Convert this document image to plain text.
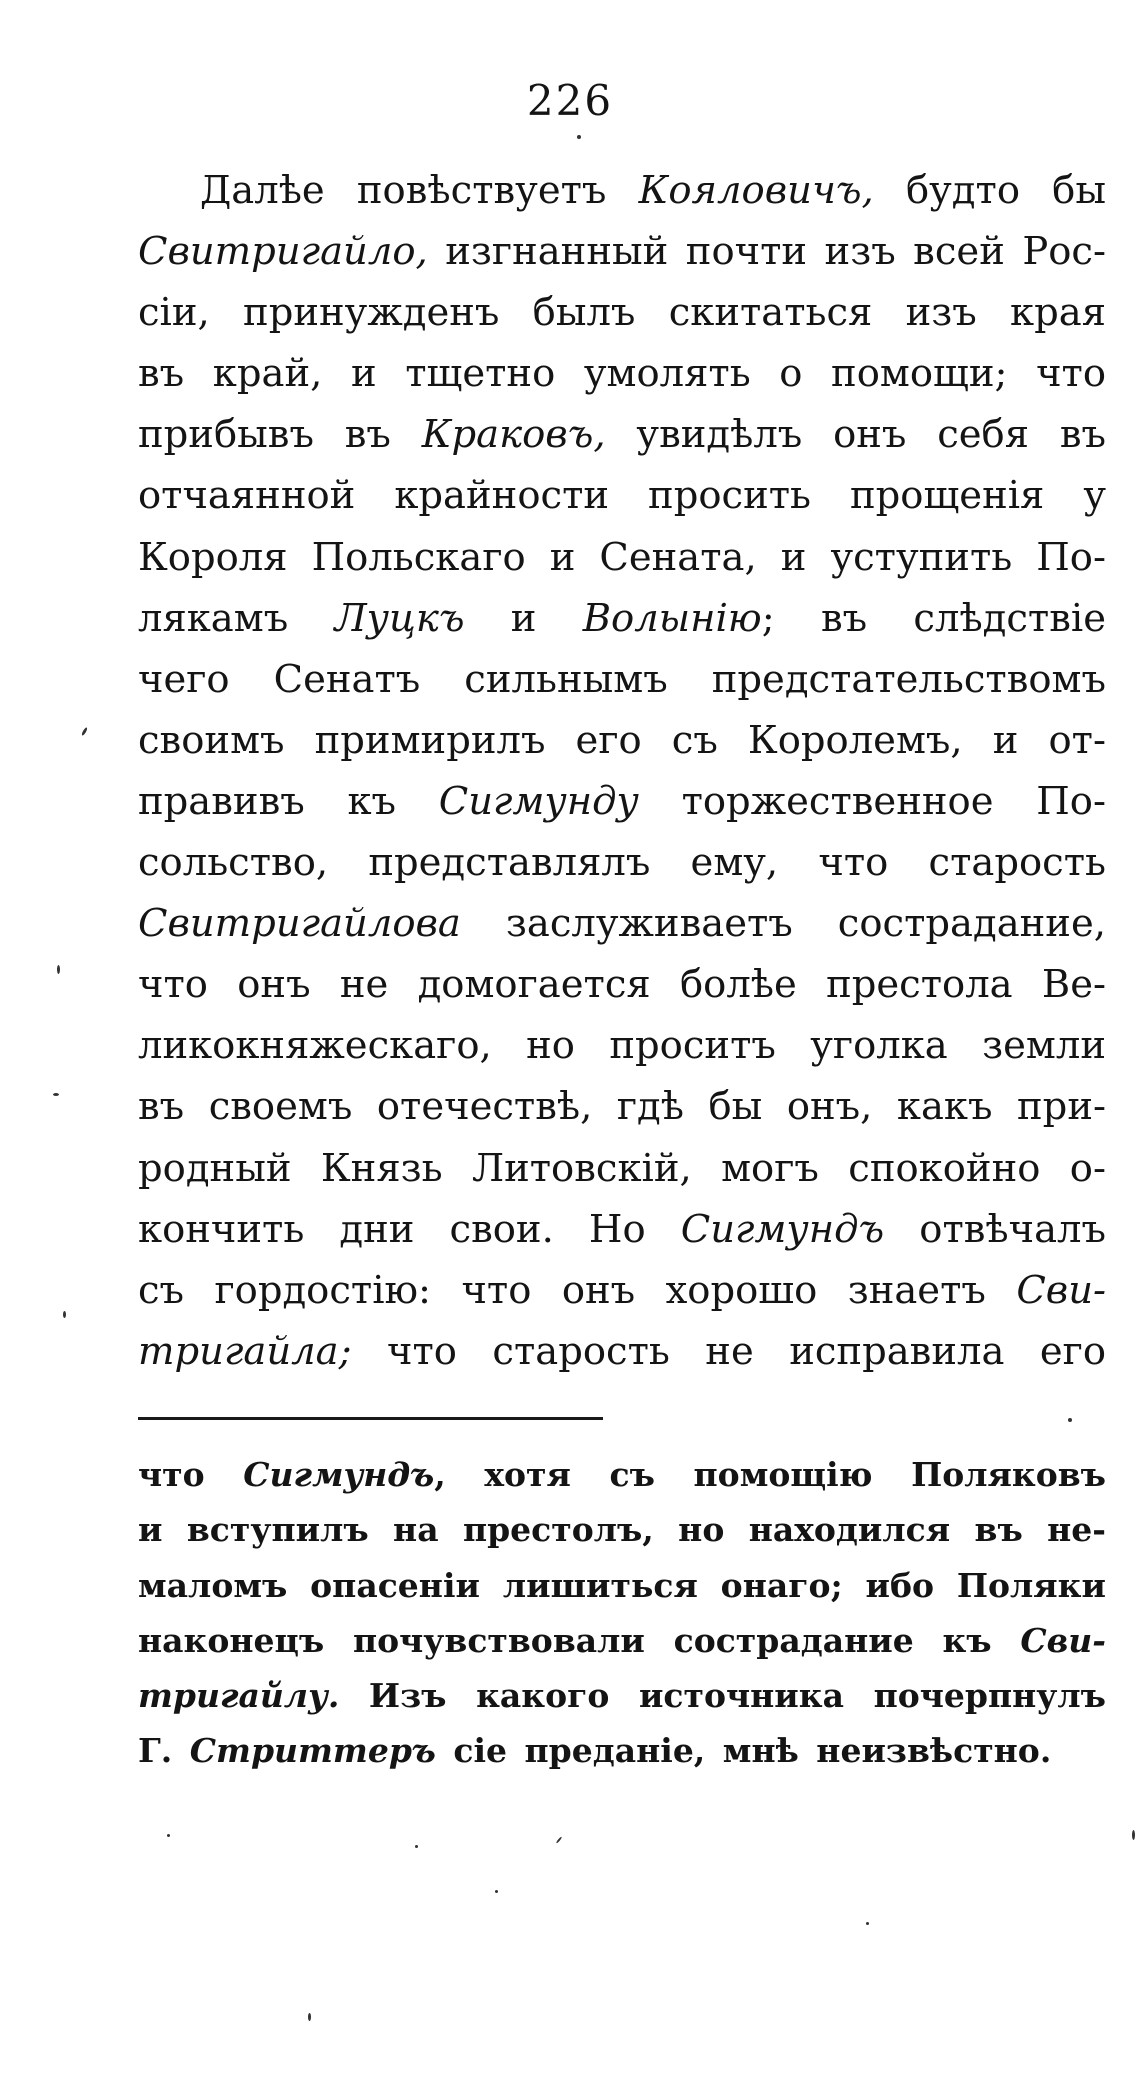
226
Далѣе повѣствуетъ Кояловичъ, будто бы
Свитригайло, изгнанный почти изъ всей Рос-
сіи, принужденъ былъ скитаться изъ края
въ край, и тщетно умолять о помощи; что
прибывъ въ Краковъ, увидѣлъ онъ себя въ
отчаянной крайности просить прощенія у
Короля Польскаго и Сената, и уступить По-
лякамъ Луцкъ и Волынію; въ слѣдствіе
чего Сенатъ сильнымъ предстательствомъ
своимъ примирилъ его съ Королемъ, и от-
правивъ къ Сигмунду торжественное По-
сольство, представлялъ ему, что старость
Свитригайлова заслуживаетъ сострадание,
что онъ не домогается болѣе престола Ве-
ликокняжескаго, но проситъ уголка земли
въ своемъ отечествѣ, гдѣ бы онъ, какъ при-
родный Князь Литовскій, могъ спокойно о-
кончить дни свои. Но Сигмундъ отвѣчалъ
съ гордостію: что онъ хорошо знаетъ Сви-
тригайла; что старость не исправила его
что Сигмундъ, хотя съ помощію Поляковъ
и вступилъ на престолъ, но находился въ не-
маломъ опасеніи лишиться онаго; ибо Поляки
наконецъ почувствовали сострадание къ Сви-
тригайлу. Изъ какого источника почерпнулъ
Г. Стриттеръ сіе преданіе, мнѣ неизвѣстно.
